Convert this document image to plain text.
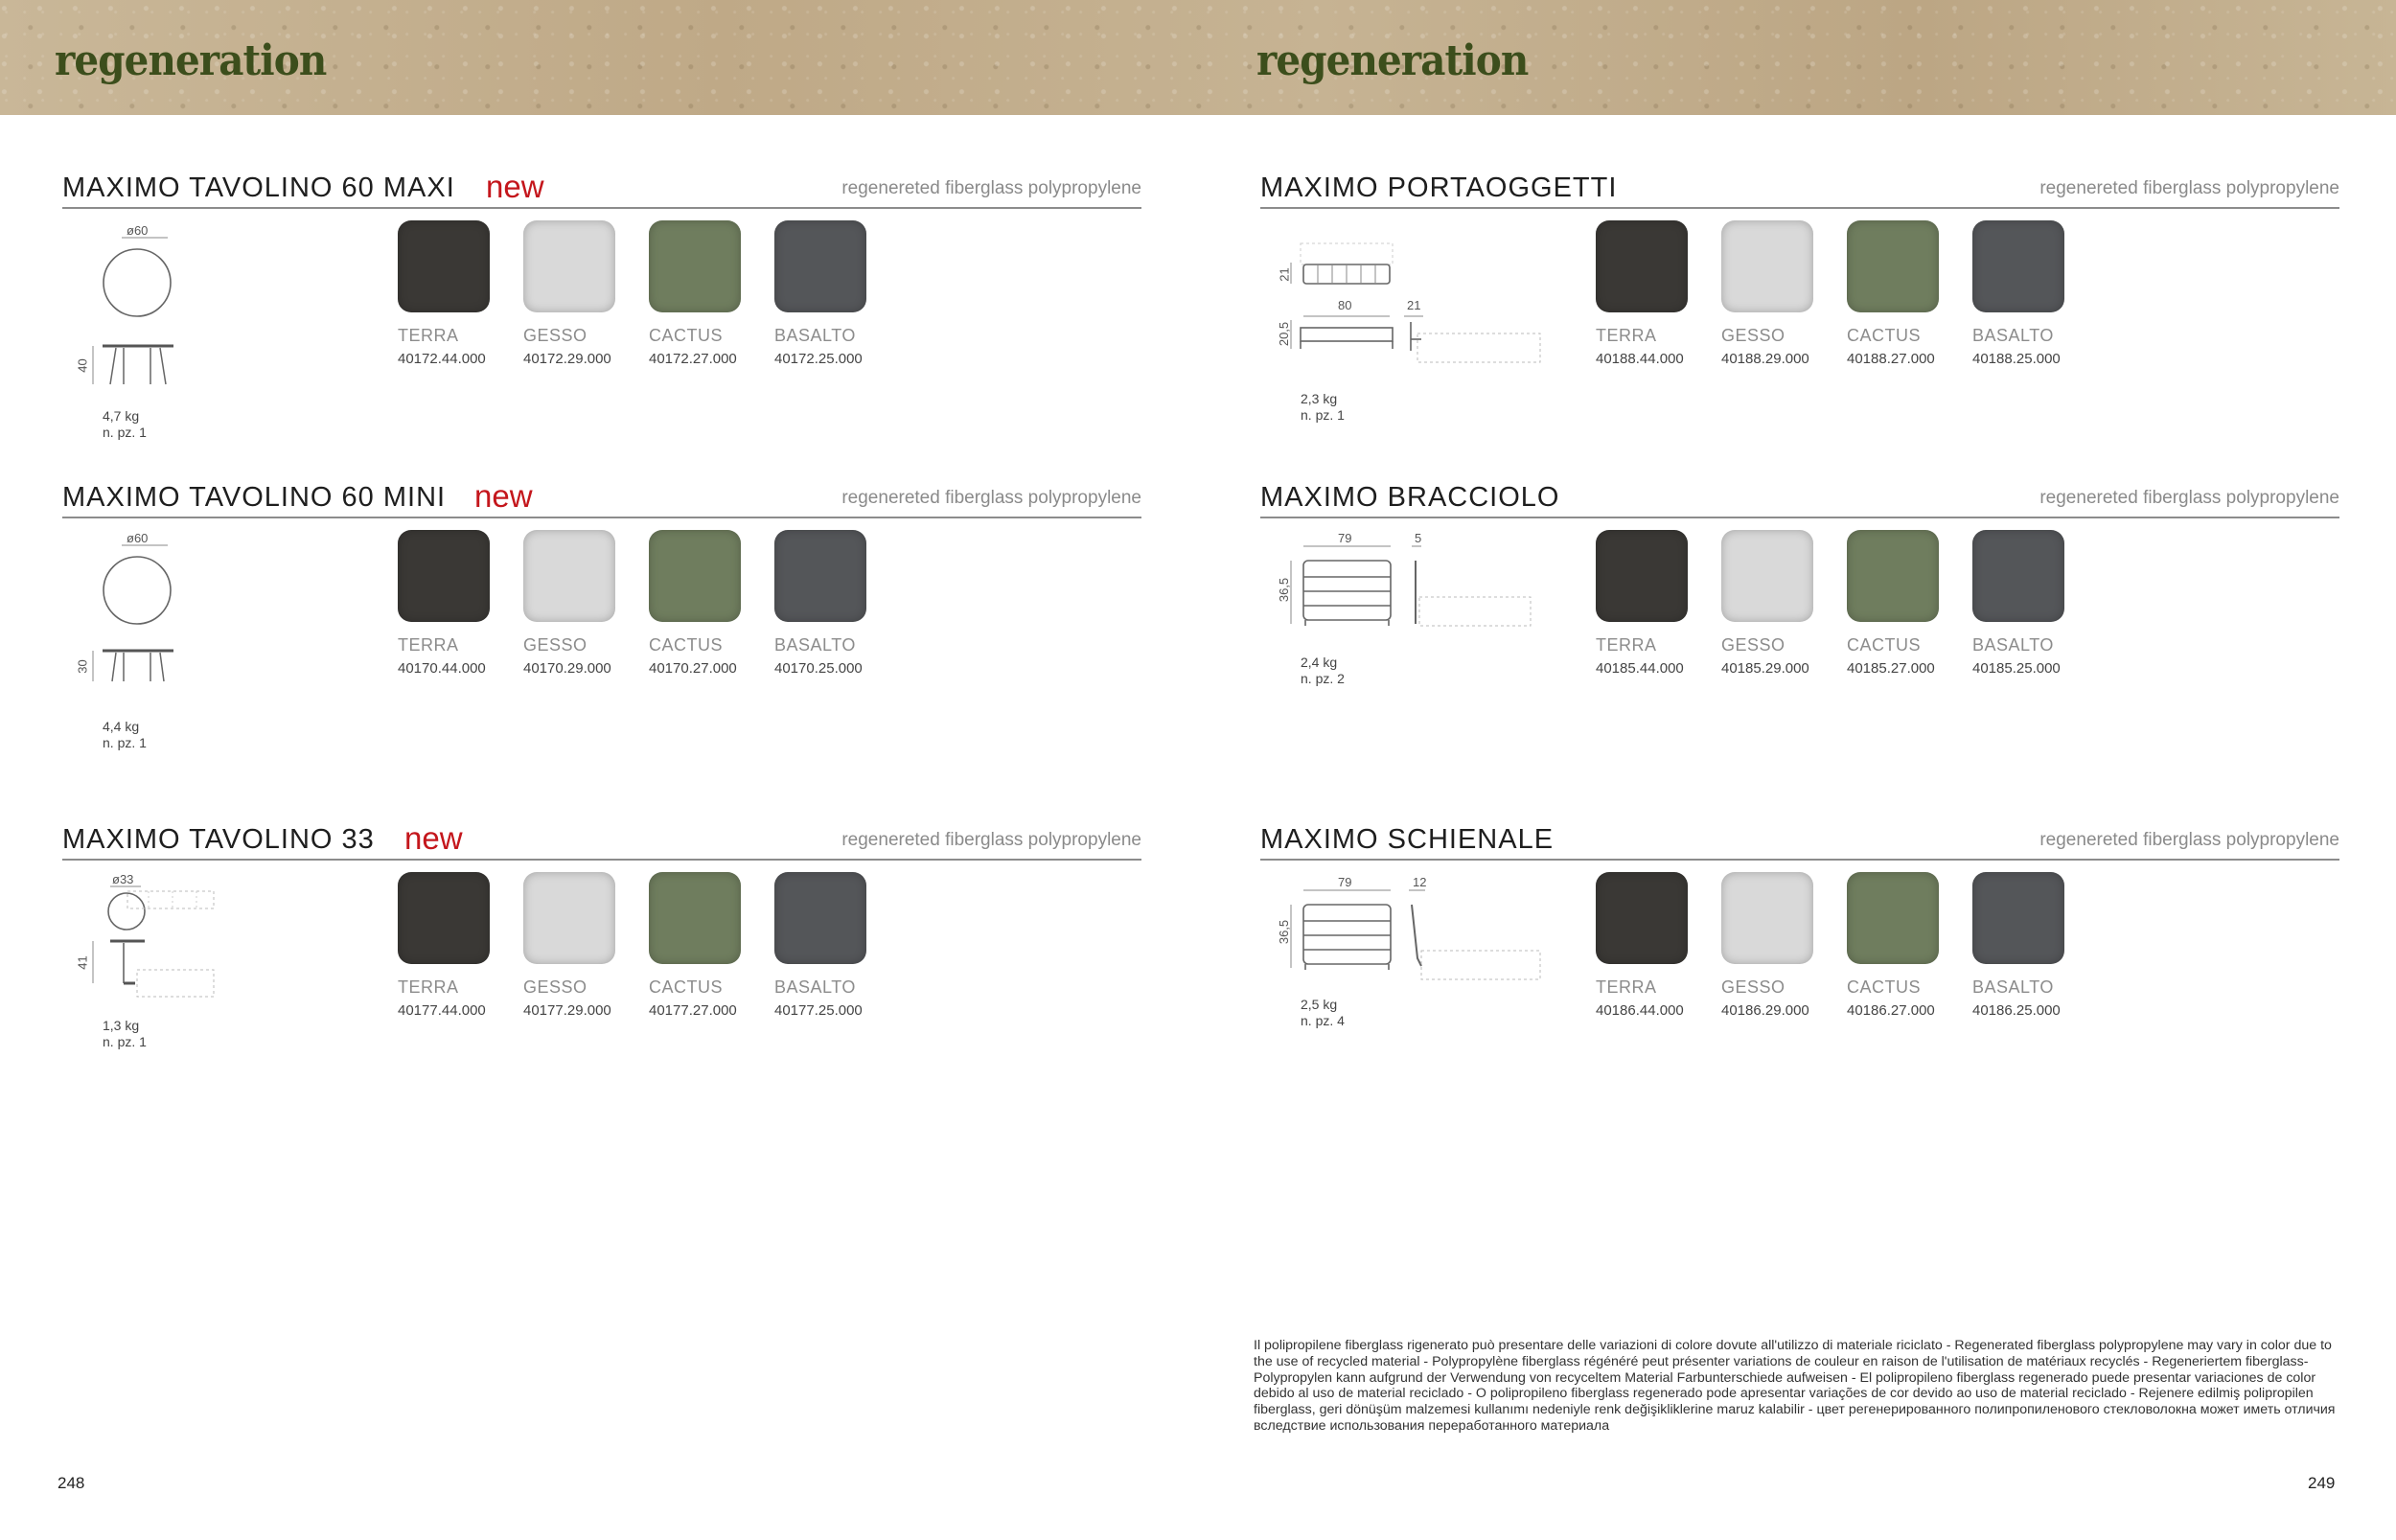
regeneration	regeneration
MAXIMO TAVOLINO 60 MAXI new	regenereted fiberglass polypropylene
ø60
40
4,7 kg
n. pz. 1
TERRA
40172.44.000
GESSO
40172.29.000
CACTUS
40172.27.000
BASALTO
40172.25.000
MAXIMO TAVOLINO 60 MINI new	regenereted fiberglass polypropylene
ø60
30
4,4 kg
n. pz. 1
TERRA
40170.44.000
GESSO
40170.29.000
CACTUS
40170.27.000
BASALTO
40170.25.000
MAXIMO TAVOLINO 33 new	regenereted fiberglass polypropylene
ø33
41
1,3 kg
n. pz. 1
TERRA
40177.44.000
GESSO
40177.29.000
CACTUS
40177.27.000
BASALTO
40177.25.000
MAXIMO PORTAOGGETTI	regenereted fiberglass polypropylene
21
80	21
20,5
2,3 kg
n. pz. 1
TERRA
40188.44.000
GESSO
40188.29.000
CACTUS
40188.27.000
BASALTO
40188.25.000
MAXIMO BRACCIOLO	regenereted fiberglass polypropylene
79	5
36,5
2,4 kg
n. pz. 2
TERRA
40185.44.000
GESSO
40185.29.000
CACTUS
40185.27.000
BASALTO
40185.25.000
MAXIMO SCHIENALE	regenereted fiberglass polypropylene
79	12
36,5
2,5 kg
n. pz. 4
TERRA
40186.44.000
GESSO
40186.29.000
CACTUS
40186.27.000
BASALTO
40186.25.000
Il polipropilene fiberglass rigenerato può presentare delle variazioni di colore dovute all'utilizzo di materiale riciclato - Regenerated fiberglass polypropylene may vary in color due to the use of recycled material - Polypropylène fiberglass régénéré peut présenter variations de couleur en raison de l'utilisation de matériaux recyclés - Regeneriertem fiberglass-Polypropylen kann aufgrund der Verwendung von recyceltem Material Farbunterschiede aufweisen - El polipropileno fiberglass regenerado puede presentar variaciones de color debido al uso de material reciclado - O polipropileno fiberglass regenerado pode apresentar variações de cor devido ao uso de material reciclado - Rejenere edilmiş polipropilen fiberglass, geri dönüşüm malzemesi kullanımı nedeniyle renk değişikliklerine maruz kalabilir - цвет регенерированного полипропиленового стекловолокна может иметь отличия вследствие использования переработанного материала
248	249
